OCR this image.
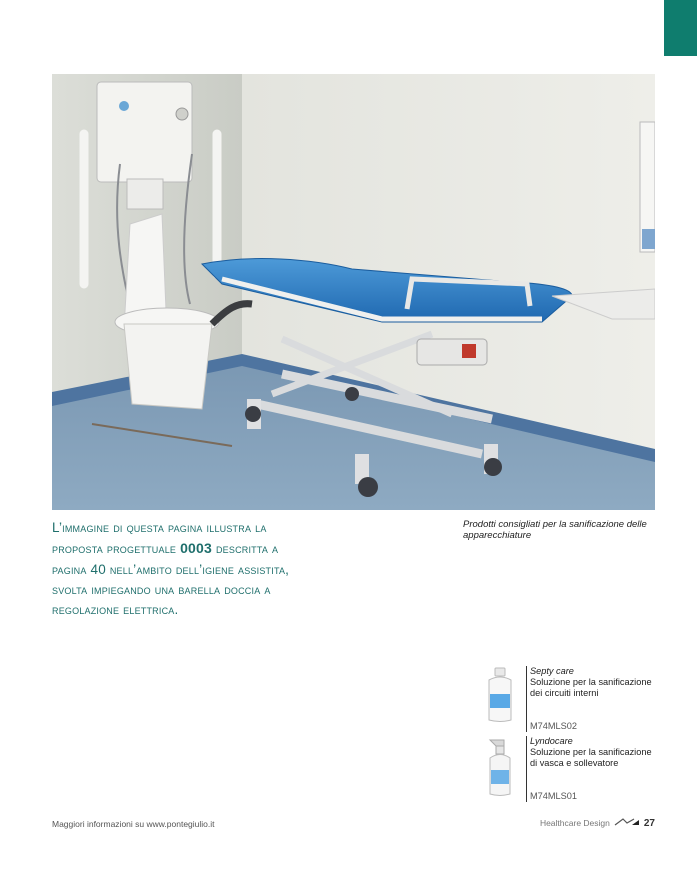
L’immagine di questa pagina illustra la proposta progettuale 0003 descritta a pagina 40 nell’ambito dell’igiene assistita, svolta impiegando una barella doccia a regolazione elettrica.
Prodotti consigliati per la sanificazione delle apparecchiature
Septy care
Soluzione per la sanificazione dei circuiti interni
M74MLS02
Lyndocare
Soluzione per la sanificazione di vasca e sollevatore
M74MLS01
Maggiori informazioni su www.pontegiulio.it	Healthcare Design	27
